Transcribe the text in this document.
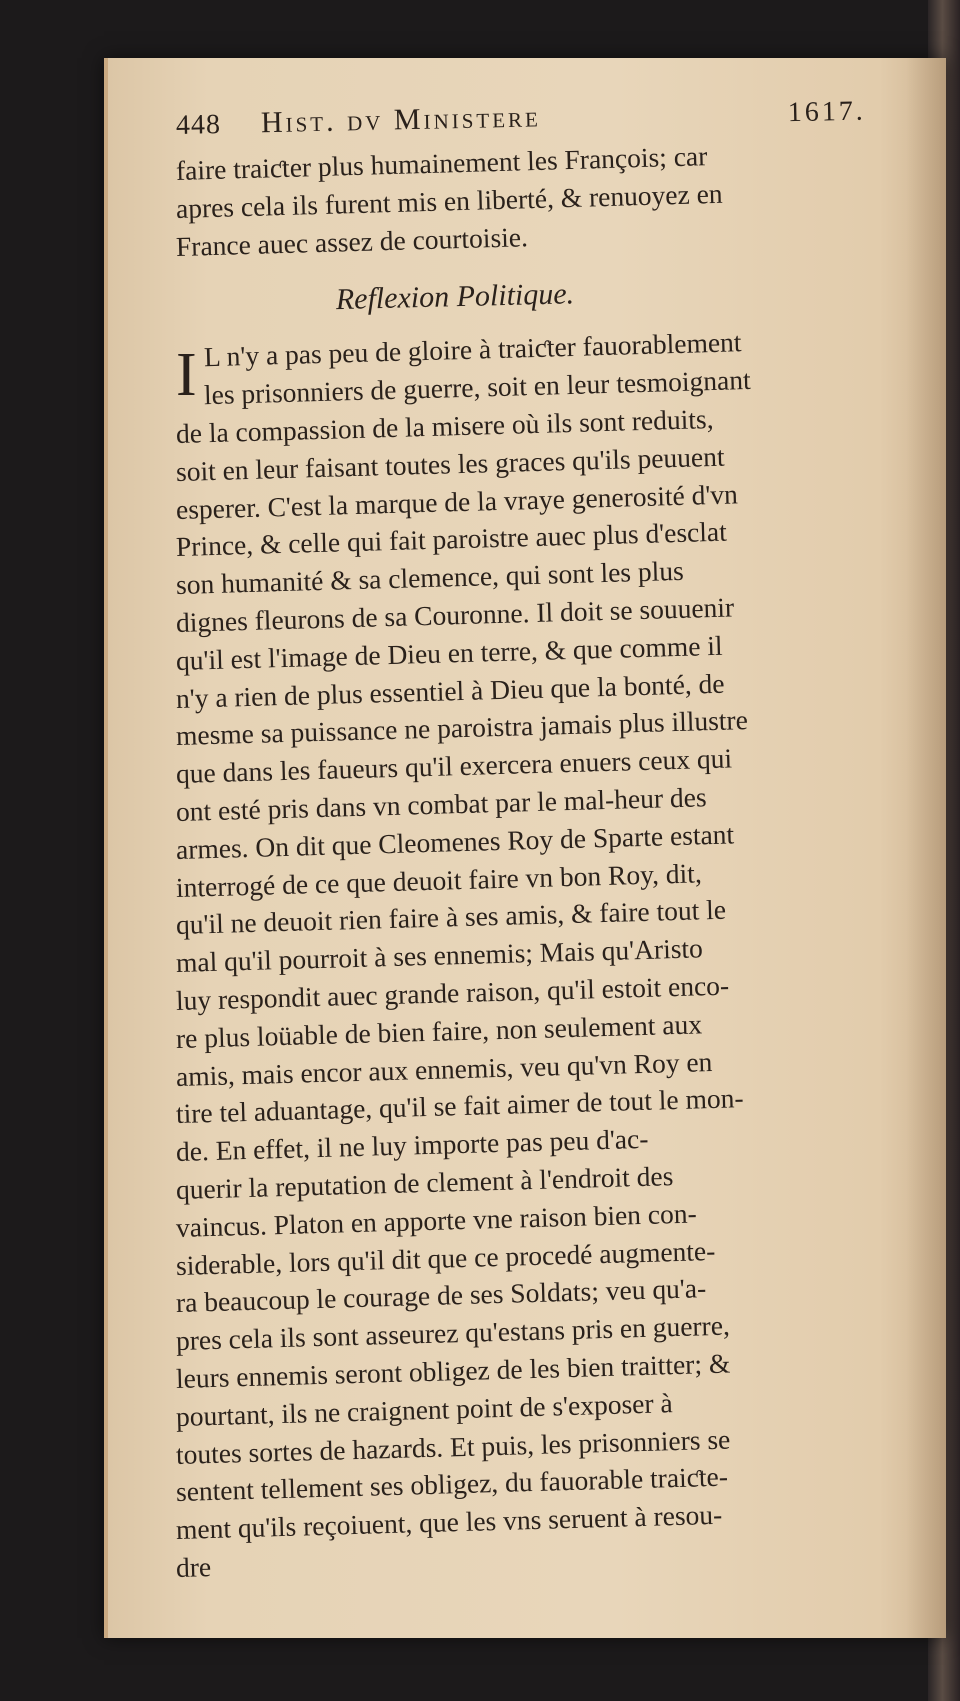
448 Hist. dv Ministere	1617.
faire traiƈter plus humainement les François; car
apres cela ils furent mis en liberté, & renuoyez en
France auec assez de courtoisie.
Reflexion Politique.
I L n'y a pas peu de gloire à traiƈter fauorablement
les prisonniers de guerre, soit en leur tesmoignant
de la compassion de la misere où ils sont reduits,
soit en leur faisant toutes les graces qu'ils peuuent
esperer. C'est la marque de la vraye generosité d'vn
Prince, & celle qui fait paroistre auec plus d'esclat
son humanité & sa clemence, qui sont les plus
dignes fleurons de sa Couronne. Il doit se souuenir
qu'il est l'image de Dieu en terre, & que comme il
n'y a rien de plus essentiel à Dieu que la bonté, de
mesme sa puissance ne paroistra jamais plus illustre
que dans les faueurs qu'il exercera enuers ceux qui
ont esté pris dans vn combat par le mal-heur des
armes. On dit que Cleomenes Roy de Sparte estant
interrogé de ce que deuoit faire vn bon Roy, dit,
qu'il ne deuoit rien faire à ses amis, & faire tout le
mal qu'il pourroit à ses ennemis; Mais qu'Aristo
luy respondit auec grande raison, qu'il estoit enco-
re plus loüable de bien faire, non seulement aux
amis, mais encor aux ennemis, veu qu'vn Roy en
tire tel aduantage, qu'il se fait aimer de tout le mon-
de. En effet, il ne luy importe pas peu d'ac-
querir la reputation de clement à l'endroit des
vaincus. Platon en apporte vne raison bien con-
siderable, lors qu'il dit que ce procedé augmente-
ra beaucoup le courage de ses Soldats; veu qu'a-
pres cela ils sont asseurez qu'estans pris en guerre,
leurs ennemis seront obligez de les bien traitter; &
pourtant, ils ne craignent point de s'exposer à
toutes sortes de hazards. Et puis, les prisonniers se
sentent tellement ses obligez, du fauorable traiƈte-
ment qu'ils reçoiuent, que les vns seruent à resou-
dre
